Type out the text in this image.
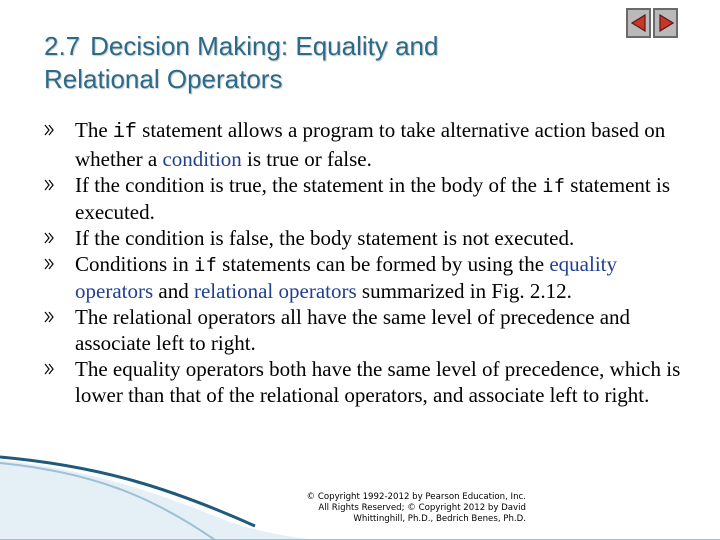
2.7 Decision Making: Equality and
Relational Operators
The if statement allows a program to take alternative action based on whether a condition is true or false.
If the condition is true, the statement in the body of the if statement is executed.
If the condition is false, the body statement is not executed.
Conditions in if statements can be formed by using the equality operators and relational operators summarized in Fig. 2.12.
The relational operators all have the same level of precedence and associate left to right.
The equality operators both have the same level of precedence, which is lower than that of the relational operators, and associate left to right.
© Copyright 1992-2012 by Pearson Education, Inc.
All Rights Reserved; © Copyright 2012 by David
Whittinghill, Ph.D., Bedrich Benes, Ph.D.
